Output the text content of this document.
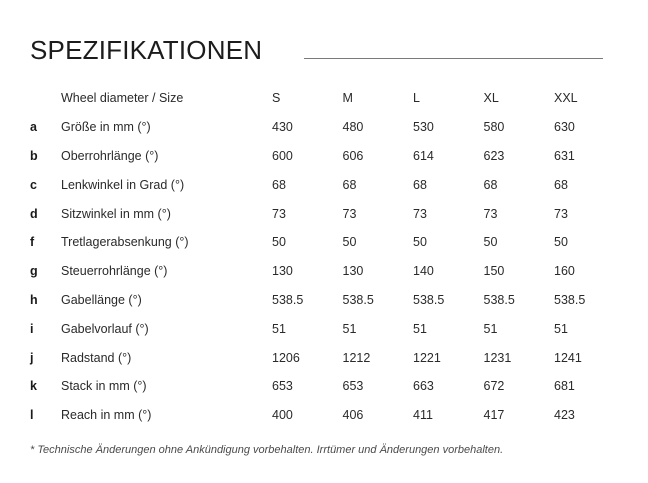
SPEZIFIKATIONEN
	Wheel diameter / Size	S	M	L	XL	XXL
a	Größe in mm (°)	430	480	530	580	630
b	Oberrohrlänge (°)	600	606	614	623	631
c	Lenkwinkel in Grad (°)	68	68	68	68	68
d	Sitzwinkel in mm (°)	73	73	73	73	73
f	Tretlagerabsenkung (°)	50	50	50	50	50
g	Steuerrohrlänge (°)	130	130	140	150	160
h	Gabellänge (°)	538.5	538.5	538.5	538.5	538.5
i	Gabelvorlauf (°)	51	51	51	51	51
j	Radstand (°)	1206	1212	1221	1231	1241
k	Stack in mm (°)	653	653	663	672	681
l	Reach in mm (°)	400	406	411	417	423
* Technische Änderungen ohne Ankündigung vorbehalten. Irrtümer und Änderungen vorbehalten.
